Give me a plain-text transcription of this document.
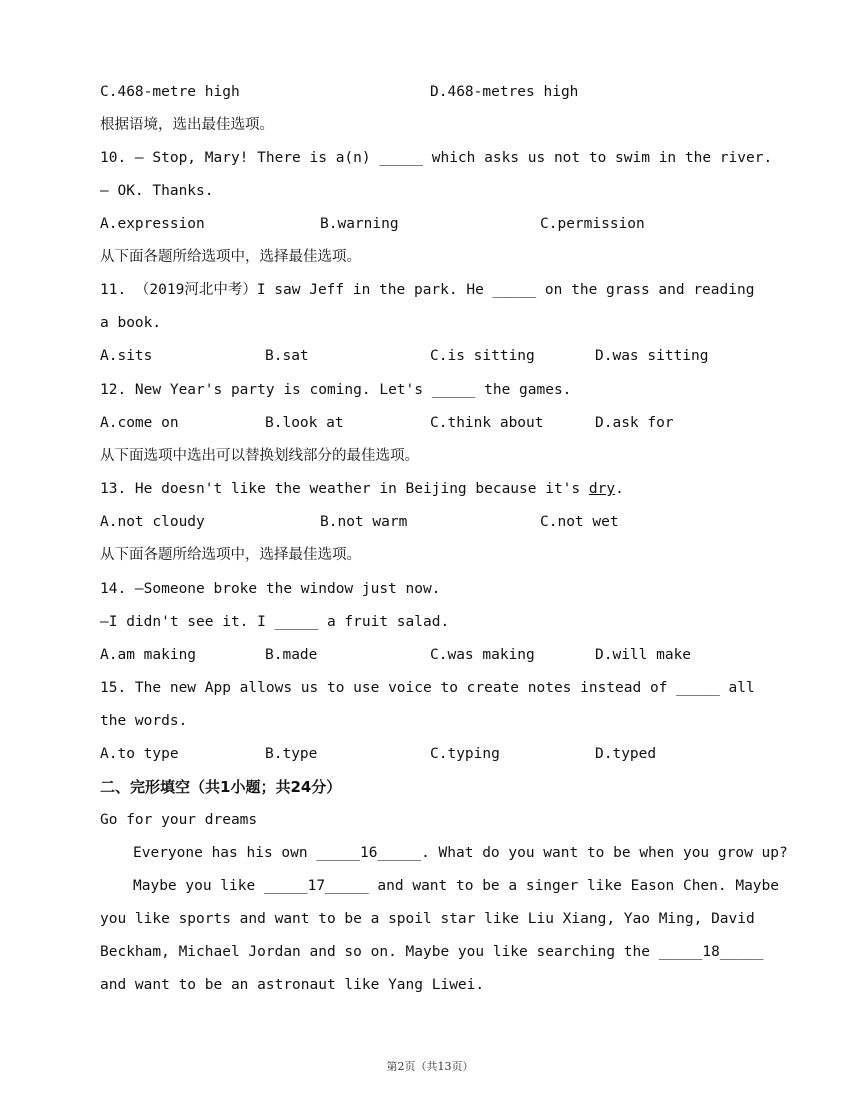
C.468-metre high	D.468-metres high
根据语境，选出最佳选项。
10. — Stop, Mary! There is a(n) _____ which asks us not to swim in the river.
— OK. Thanks.
A.expression	B.warning	C.permission
从下面各题所给选项中，选择最佳选项。
11. （2019河北中考）I saw Jeff in the park. He _____ on the grass and reading
a book.
A.sits	B.sat	C.is sitting	D.was sitting
12. New Year's party is coming. Let's _____ the games.
A.come on	B.look at	C.think about	D.ask for
从下面选项中选出可以替换划线部分的最佳选项。
13. He doesn't like the weather in Beijing because it's dry.
A.not cloudy	B.not warm	C.not wet
从下面各题所给选项中，选择最佳选项。
14. —Someone broke the window just now.
—I didn't see it. I _____ a fruit salad.
A.am making	B.made	C.was making	D.will make
15. The new App allows us to use voice to create notes instead of _____ all
the words.
A.to type	B.type	C.typing	D.typed
二、完形填空（共1小题；共24分）
Go for your dreams
Everyone has his own _____16_____. What do you want to be when you grow up?
Maybe you like _____17_____ and want to be a singer like Eason Chen. Maybe
you like sports and want to be a spoil star like Liu Xiang, Yao Ming, David
Beckham, Michael Jordan and so on. Maybe you like searching the _____18_____
and want to be an astronaut like Yang Liwei.
第2页（共13页）
